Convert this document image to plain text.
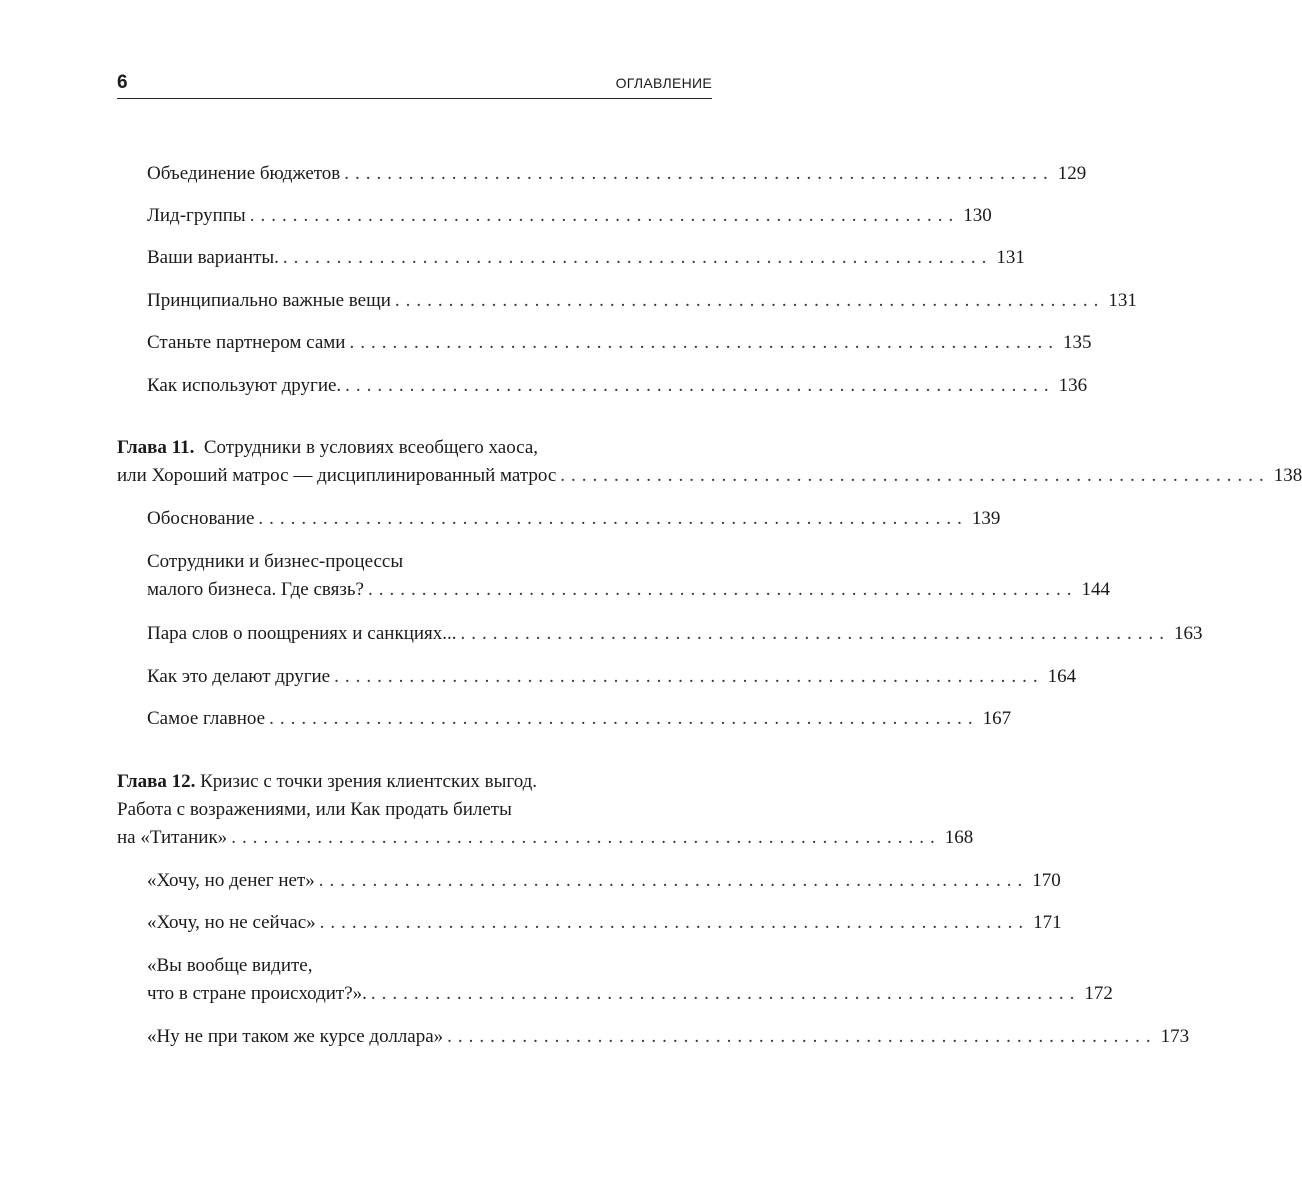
6	ОГЛАВЛЕНИЕ
Объединение бюджетов .................................................................. 129
Лид-группы .................................................................. 130
Ваши варианты. .................................................................. 131
Принципиально важные вещи .................................................................. 131
Станьте партнером сами .................................................................. 135
Как используют другие. .................................................................. 136
Глава 11. Сотрудники в условиях всеобщего хаоса,
или Хороший матрос — дисциплинированный матрос .................................................................. 138
Обоснование .................................................................. 139
Сотрудники и бизнес-процессы
малого бизнеса. Где связь? .................................................................. 144
Пара слов о поощрениях и санкциях... .................................................................. 163
Как это делают другие .................................................................. 164
Самое главное .................................................................. 167
Глава 12. Кризис с точки зрения клиентских выгод.
Работа с возражениями, или Как продать билеты
на «Титаник» .................................................................. 168
«Хочу, но денег нет» .................................................................. 170
«Хочу, но не сейчас» .................................................................. 171
«Вы вообще видите,
что в стране происходит?». .................................................................. 172
«Ну не при таком же курсе доллара» .................................................................. 173
